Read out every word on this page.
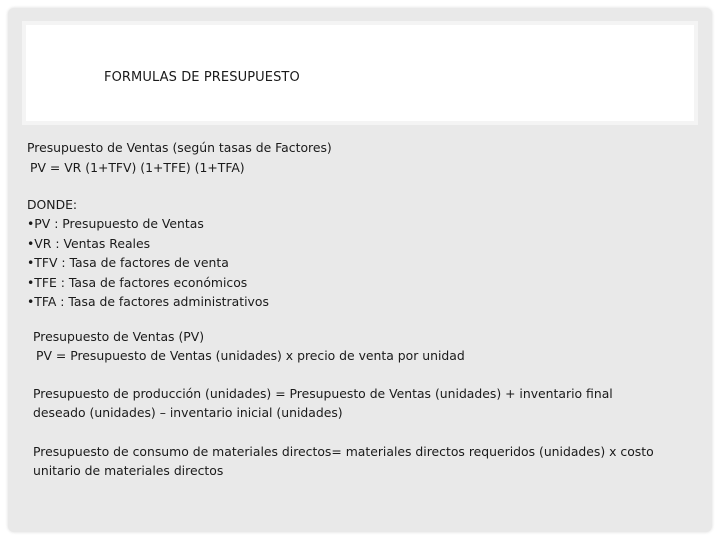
FORMULAS DE PRESUPUESTO
Presupuesto de Ventas (según tasas de Factores)
PV = VR (1+TFV) (1+TFE) (1+TFA)
DONDE:
•PV : Presupuesto de Ventas
•VR : Ventas Reales
•TFV : Tasa de factores de venta
•TFE : Tasa de factores económicos
•TFA : Tasa de factores administrativos
Presupuesto de Ventas (PV)
PV = Presupuesto de Ventas (unidades) x precio de venta por unidad
Presupuesto de producción (unidades) = Presupuesto de Ventas (unidades) + inventario final
deseado (unidades) – inventario inicial (unidades)
Presupuesto de consumo de materiales directos= materiales directos requeridos (unidades) x costo
unitario de materiales directos
